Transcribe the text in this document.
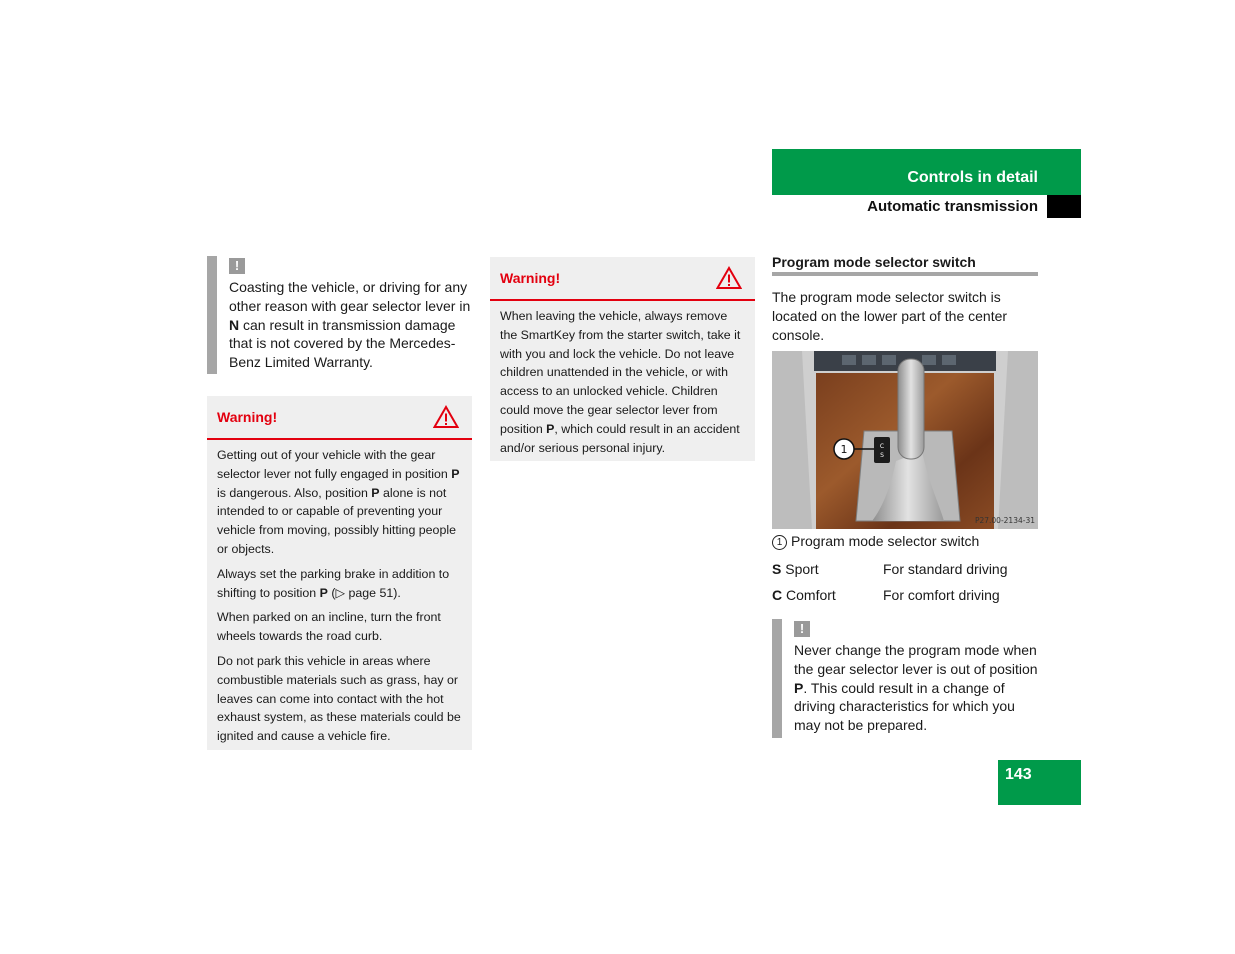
Controls in detail
Automatic transmission
!
Coasting the vehicle, or driving for any other reason with gear selector lever in N can result in transmission damage that is not covered by the Mercedes-Benz Limited Warranty.
Warning!

Getting out of your vehicle with the gear selector lever not fully engaged in position P is dangerous. Also, position P alone is not intended to or capable of preventing your vehicle from moving, possibly hitting people or objects.

Always set the parking brake in addition to shifting to position P (▷ page 51).

When parked on an incline, turn the front wheels towards the road curb.

Do not park this vehicle in areas where combustible materials such as grass, hay or leaves can come into contact with the hot exhaust system, as these materials could be ignited and cause a vehicle fire.

Warning!

When leaving the vehicle, always remove the SmartKey from the starter switch, take it with you and lock the vehicle. Do not leave children unattended in the vehicle, or with access to an unlocked vehicle. Children could move the gear selector lever from position P, which could result in an accident and/or serious personal injury.

Program mode selector switch
The program mode selector switch is located on the lower part of the center console.
C
S
1
P27.00-2134-31
1 Program mode selector switch
S Sport	For standard driving
C Comfort	For comfort driving
!
Never change the program mode when the gear selector lever is out of position P. This could result in a change of driving characteristics for which you may not be prepared.
143
